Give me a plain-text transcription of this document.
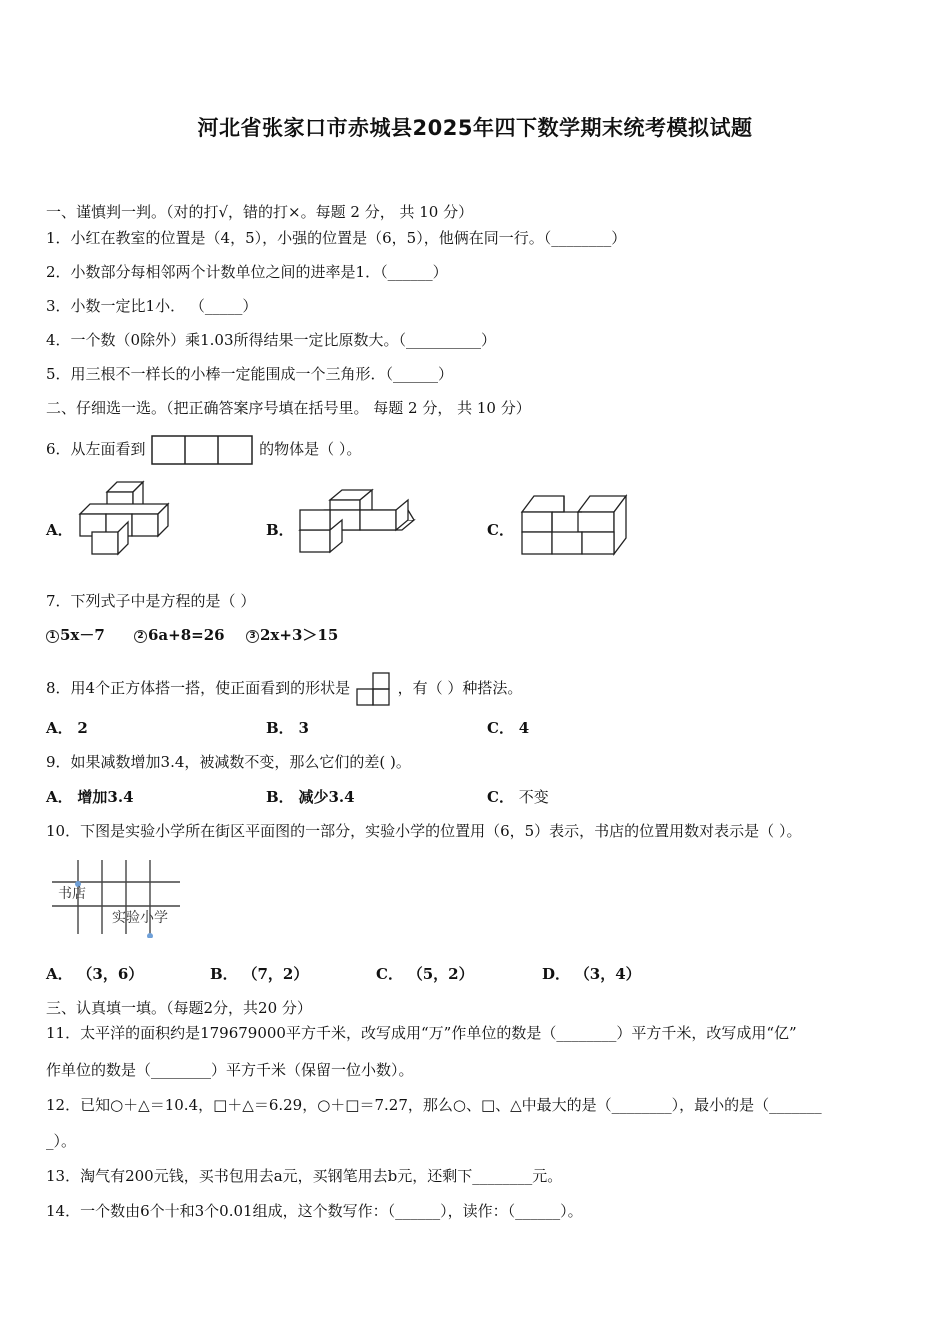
河北省张家口市赤城县2025年四下数学期末统考模拟试题
一、谨慎判一判。（对的打√，错的打×。每题 2 分， 共 10 分）
1．小红在教室的位置是（4，5），小强的位置是（6，5），他俩在同一行。（________）
2．小数部分每相邻两个计数单位之间的进率是1．（______）
3．小数一定比1小． （_____）
4．一个数（0除外）乘1.03所得结果一定比原数大。（__________）
5．用三根不一样长的小棒一定能围成一个三角形．（______）
二、仔细选一选。（把正确答案序号填在括号里。 每题 2 分， 共 10 分）
6．从左面看到	的物体是（ ）。
A．	B．	C．
7．下列式子中是方程的是（ ）
1 5x－7	2 6a+8=26	3 2x+3＞15
8．用4个正方体搭一搭，使正面看到的形状是	，有（ ）种搭法。
A． 2	B． 3	C． 4
9．如果减数增加3.4，被减数不变，那么它们的差( )。
A． 增加3.4	B． 减少3.4	C． 不变
10．下图是实验小学所在街区平面图的一部分，实验小学的位置用（6，5）表示，书店的位置用数对表示是（ ）。
书店
实验小学
A． （3，6）	B． （7，2）	C． （5，2）	D． （3，4）
三、认真填一填。（每题2分，共20 分）
11．太平洋的面积约是179679000平方千米，改写成用“万”作单位的数是（________）平方千米，改写成用“亿”
作单位的数是（________）平方千米（保留一位小数）。
12．已知○＋△＝10.4，□＋△＝6.29，○＋□＝7.27，那么○、□、△中最大的是（________），最小的是（_______
_）。
13．淘气有200元钱，买书包用去a元，买钢笔用去b元，还剩下________元。
14．一个数由6个十和3个0.01组成，这个数写作：（______），读作：（______）。
